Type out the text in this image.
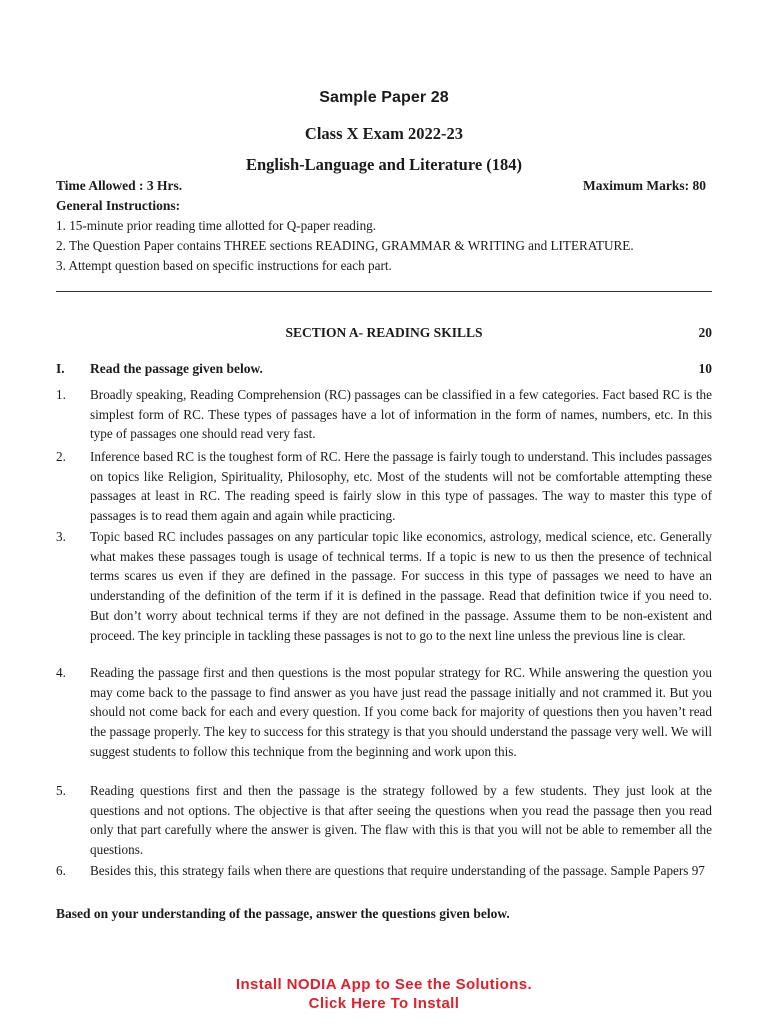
Sample Paper 28
Class X Exam 2022-23
English-Language and Literature (184)
Time Allowed : 3 Hrs.	Maximum Marks: 80
General Instructions:
1. 15-minute prior reading time allotted for Q-paper reading.
2. The Question Paper contains THREE sections READING, GRAMMAR & WRITING and LITERATURE.
3. Attempt question based on specific instructions for each part.
SECTION A- READING SKILLS	20
I. Read the passage given below.	10
1. Broadly speaking, Reading Comprehension (RC) passages can be classified in a few categories. Fact based RC is the simplest form of RC. These types of passages have a lot of information in the form of names, numbers, etc. In this type of passages one should read very fast.
2. Inference based RC is the toughest form of RC. Here the passage is fairly tough to understand. This includes passages on topics like Religion, Spirituality, Philosophy, etc. Most of the students will not be comfortable attempting these passages at least in RC. The reading speed is fairly slow in this type of passages. The way to master this type of passages is to read them again and again while practicing.
3. Topic based RC includes passages on any particular topic like economics, astrology, medical science, etc. Generally what makes these passages tough is usage of technical terms. If a topic is new to us then the presence of technical terms scares us even if they are defined in the passage. For success in this type of passages we need to have an understanding of the definition of the term if it is defined in the passage. Read that definition twice if you need to. But don’t worry about technical terms if they are not defined in the passage. Assume them to be non-existent and proceed. The key principle in tackling these passages is not to go to the next line unless the previous line is clear.
4. Reading the passage first and then questions is the most popular strategy for RC. While answering the question you may come back to the passage to find answer as you have just read the passage initially and not crammed it. But you should not come back for each and every question. If you come back for majority of questions then you haven’t read the passage properly. The key to success for this strategy is that you should understand the passage very well. We will suggest students to follow this technique from the beginning and work upon this.
5. Reading questions first and then the passage is the strategy followed by a few students. They just look at the questions and not options. The objective is that after seeing the questions when you read the passage then you read only that part carefully where the answer is given. The flaw with this is that you will not be able to remember all the questions.
6. Besides this, this strategy fails when there are questions that require understanding of the passage. Sample Papers 97
Based on your understanding of the passage, answer the questions given below.
Install NODIA App to See the Solutions.
Click Here To Install
